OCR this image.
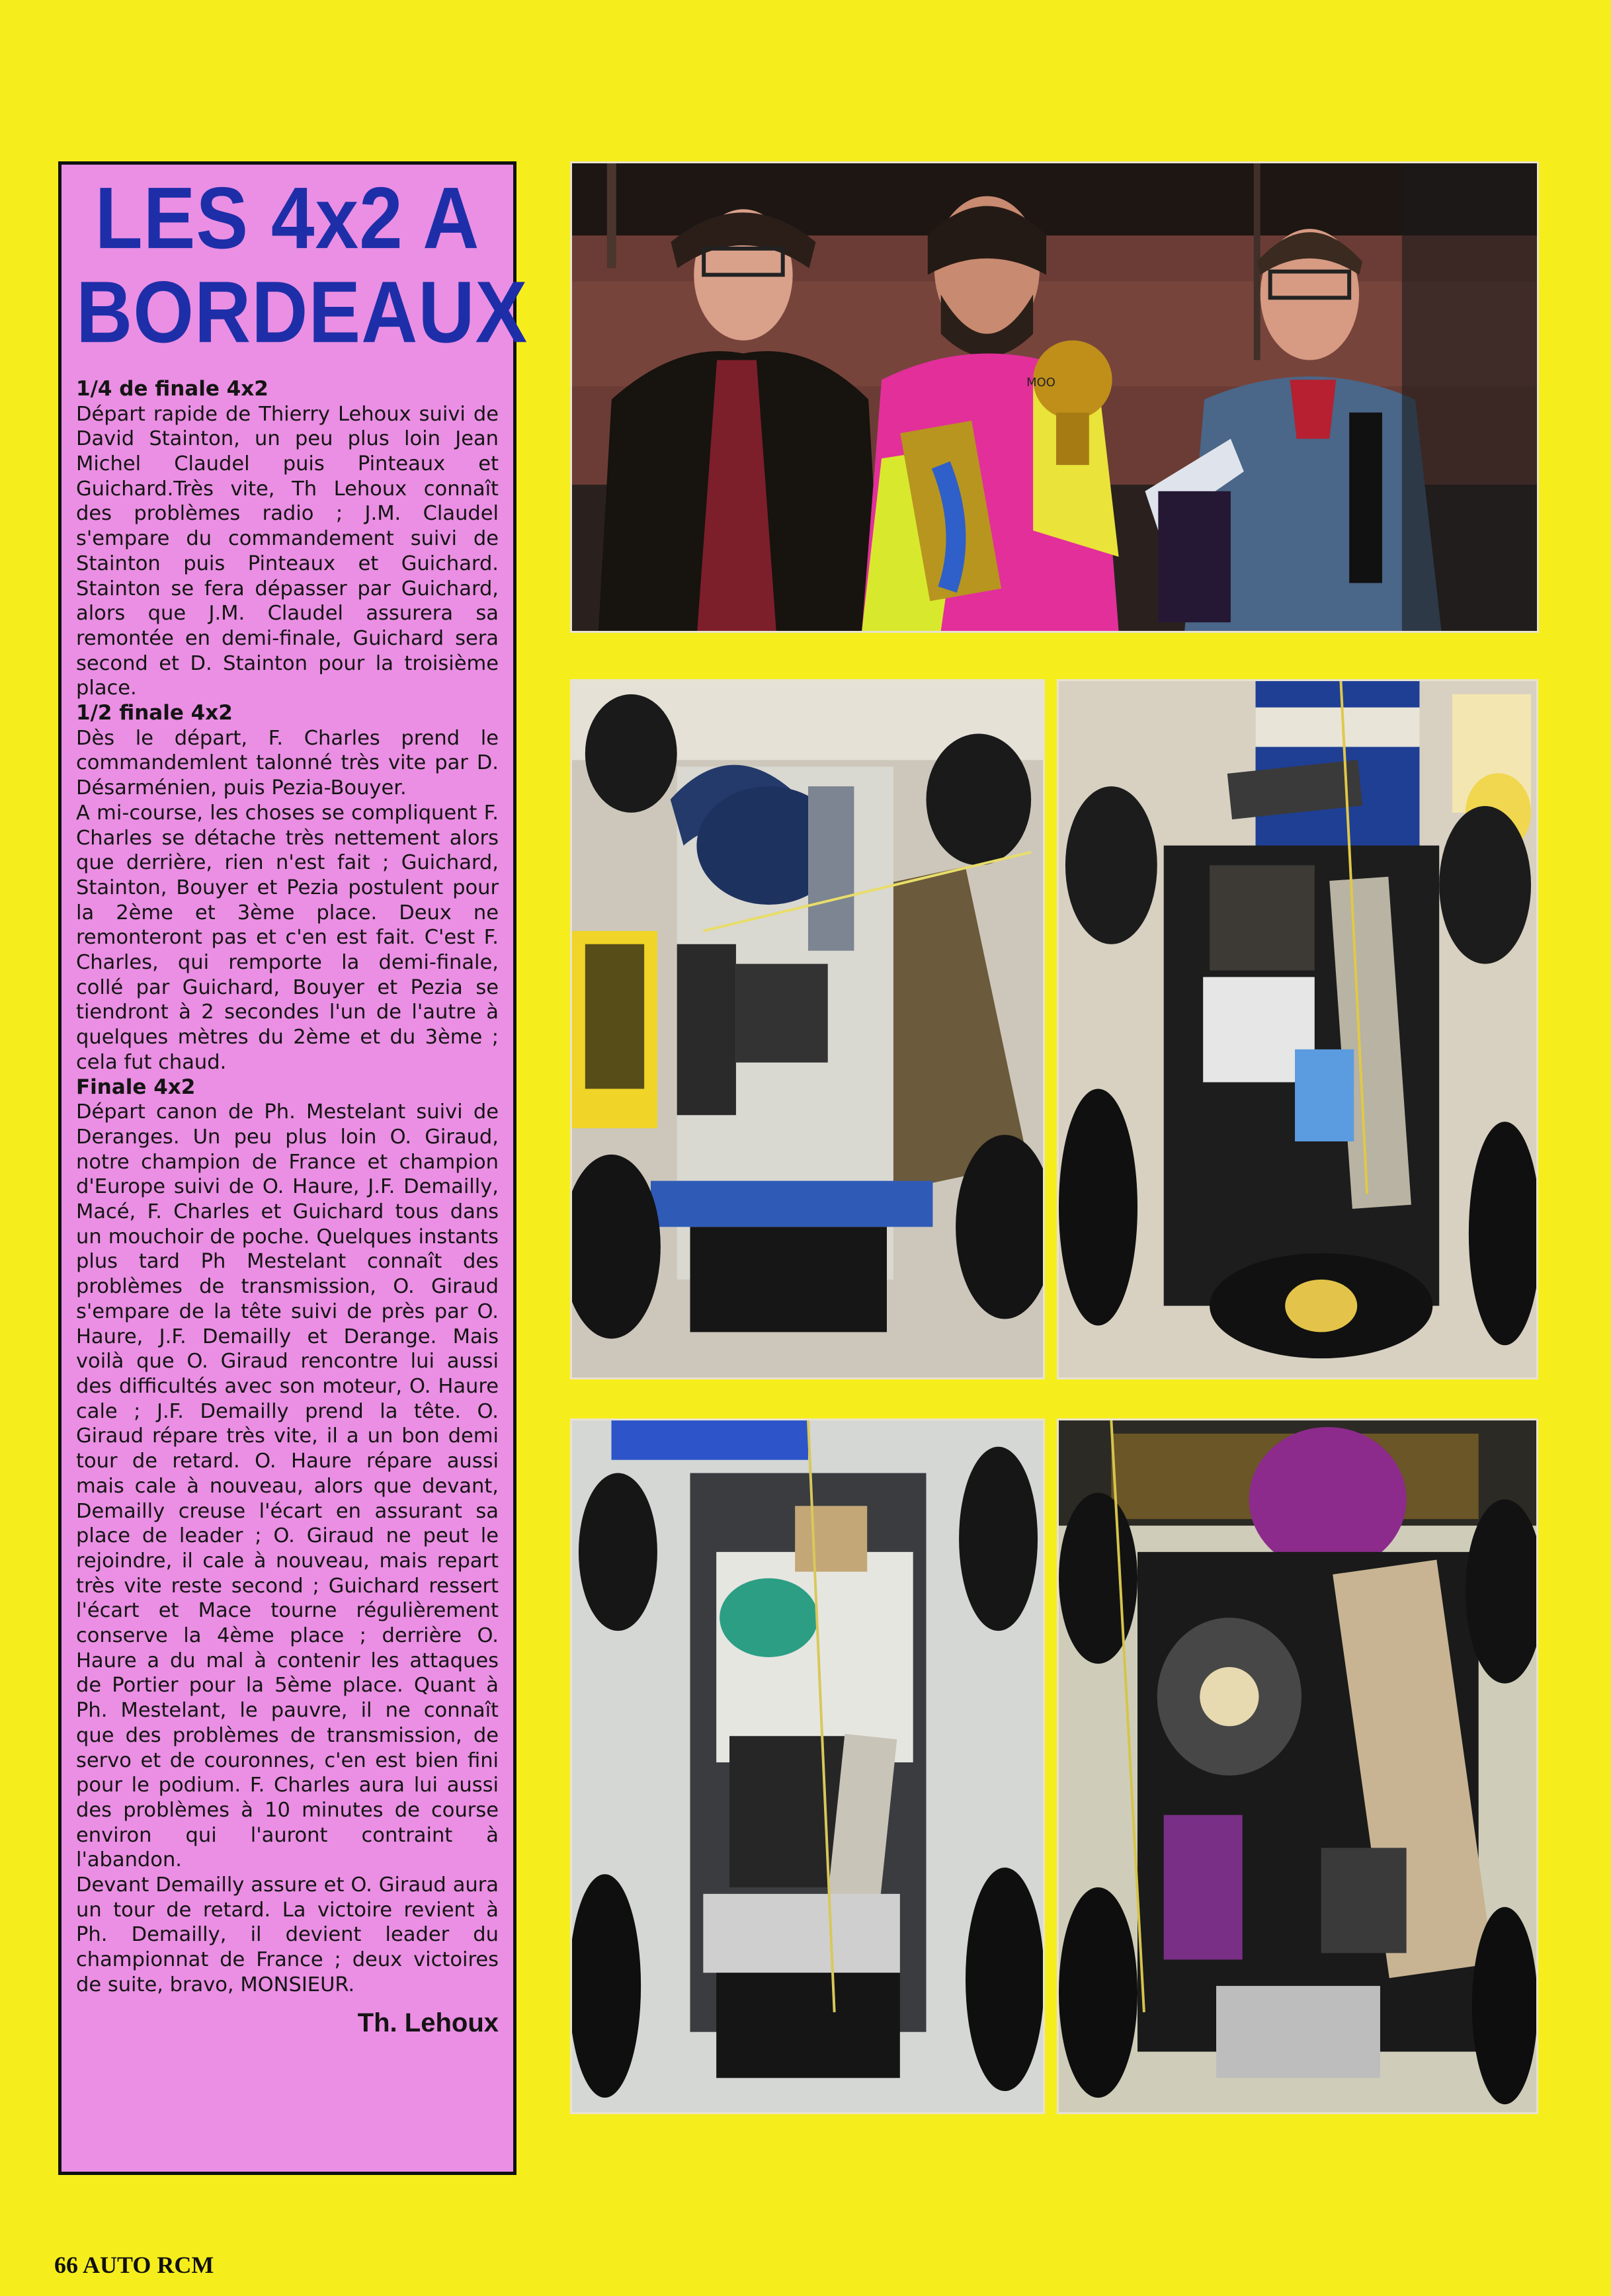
LES 4x2 A
BORDEAUX
1/4 de finale 4x2

Départ rapide de Thierry Lehoux suivi de David Stainton, un peu plus loin Jean Michel Claudel puis Pinteaux et Guichard.Très vite, Th Lehoux connaît des problèmes radio ; J.M. Claudel s'empare du commandement suivi de Stainton puis Pinteaux et Guichard. Stainton se fera dépasser par Guichard, alors que J.M. Claudel assurera sa remontée en demi-finale, Guichard sera second et D. Stainton pour la troisième place.

1/2 finale 4x2

Dès le départ, F. Charles prend le commandemlent talonné très vite par D. Désarménien, puis Pezia-Bouyer.

A mi-course, les choses se compliquent F. Charles se détache très nettement alors que derrière, rien n'est fait ; Guichard, Stainton, Bouyer et Pezia postulent pour la 2ème et 3ème place. Deux ne remonteront pas et c'en est fait. C'est F. Charles, qui remporte la demi-finale, collé par Guichard, Bouyer et Pezia se tiendront à 2 secondes l'un de l'autre à quelques mètres du 2ème et du 3ème ; cela fut chaud.

Finale 4x2

Départ canon de Ph. Mestelant suivi de Deranges. Un peu plus loin O. Giraud, notre champion de France et champion d'Europe suivi de O. Haure, J.F. Demailly, Macé, F. Charles et Guichard tous dans un mouchoir de poche. Quelques instants plus tard Ph Mestelant connaît des problèmes de transmission, O. Giraud s'empare de la tête suivi de près par O. Haure, J.F. Demailly et Derange. Mais voilà que O. Giraud rencontre lui aussi des difficultés avec son moteur, O. Haure cale ; J.F. Demailly prend la tête. O. Giraud répare très vite, il a un bon demi tour de retard. O. Haure répare aussi mais cale à nouveau, alors que devant, Demailly creuse l'écart en assurant sa place de leader ; O. Giraud ne peut le rejoindre, il cale à nouveau, mais repart très vite reste second ; Guichard ressert l'écart et Mace tourne régulièrement conserve la 4ème place ; derrière O. Haure a du mal à contenir les attaques de Portier pour la 5ème place. Quant à Ph. Mestelant, le pauvre, il ne connaît que des problèmes de transmission, de servo et de couronnes, c'en est bien fini pour le podium. F. Charles aura lui aussi des problèmes à 10 minutes de course environ qui l'auront contraint à l'abandon.

Devant Demailly assure et O. Giraud aura un tour de retard. La victoire revient à Ph. Demailly, il devient leader du championnat de France ; deux victoires de suite, bravo, MONSIEUR.

Th. Lehoux
MOO
66 AUTO RCM
